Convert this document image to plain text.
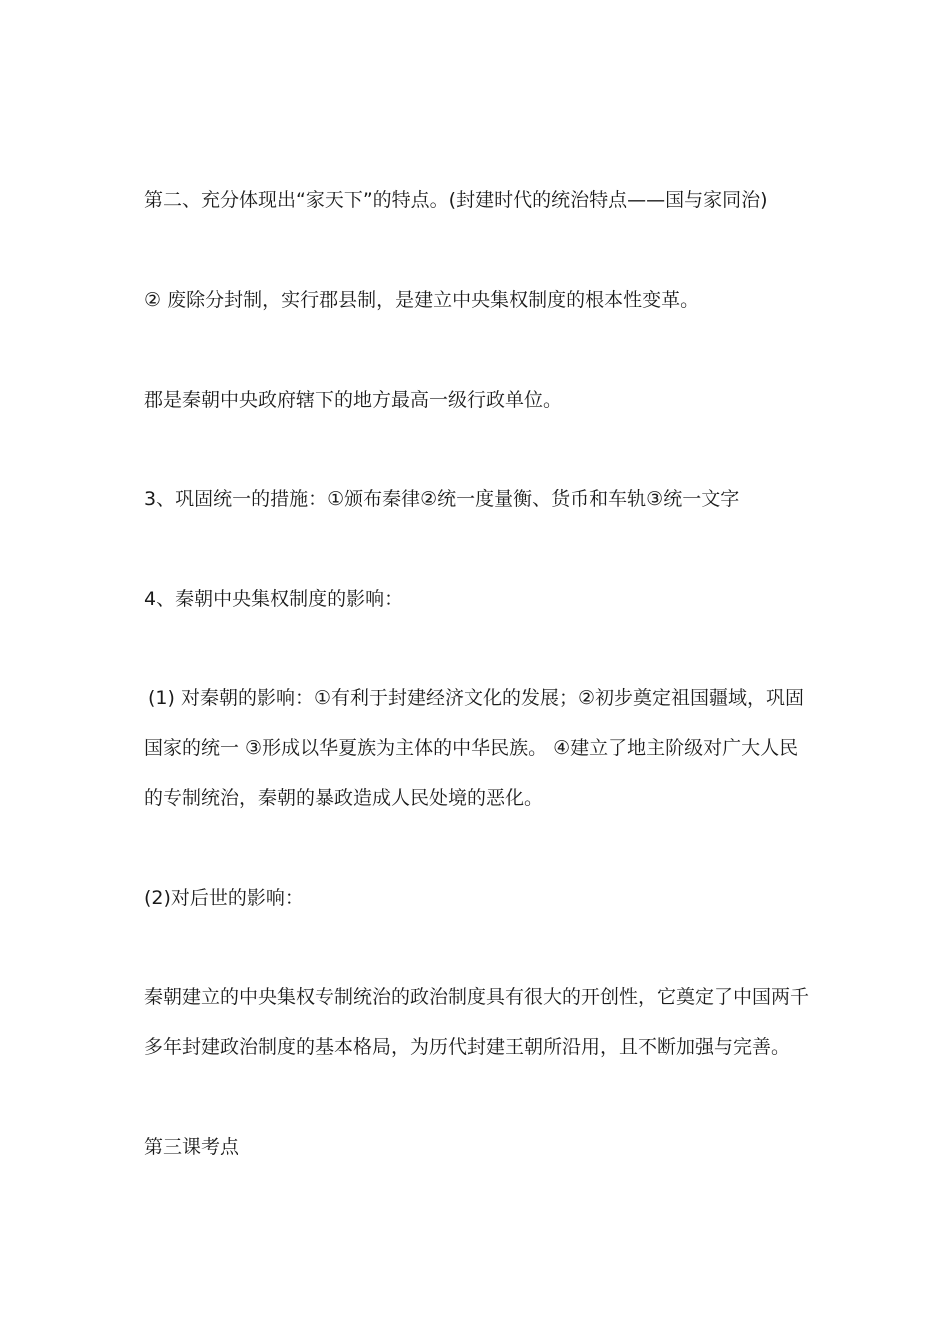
第二、充分体现出“家天下”的特点。(封建时代的统治特点——国与家同治)
② 废除分封制，实行郡县制，是建立中央集权制度的根本性变革。
郡是秦朝中央政府辖下的地方最高一级行政单位。
3、巩固统一的措施：①颁布秦律②统一度量衡、货币和车轨③统一文字
4、秦朝中央集权制度的影响：
(1) 对秦朝的影响：①有利于封建经济文化的发展；②初步奠定祖国疆域，巩固
国家的统一 ③形成以华夏族为主体的中华民族。 ④建立了地主阶级对广大人民
的专制统治，秦朝的暴政造成人民处境的恶化。
(2)对后世的影响：
秦朝建立的中央集权专制统治的政治制度具有很大的开创性，它奠定了中国两千
多年封建政治制度的基本格局，为历代封建王朝所沿用，且不断加强与完善。
第三课考点
